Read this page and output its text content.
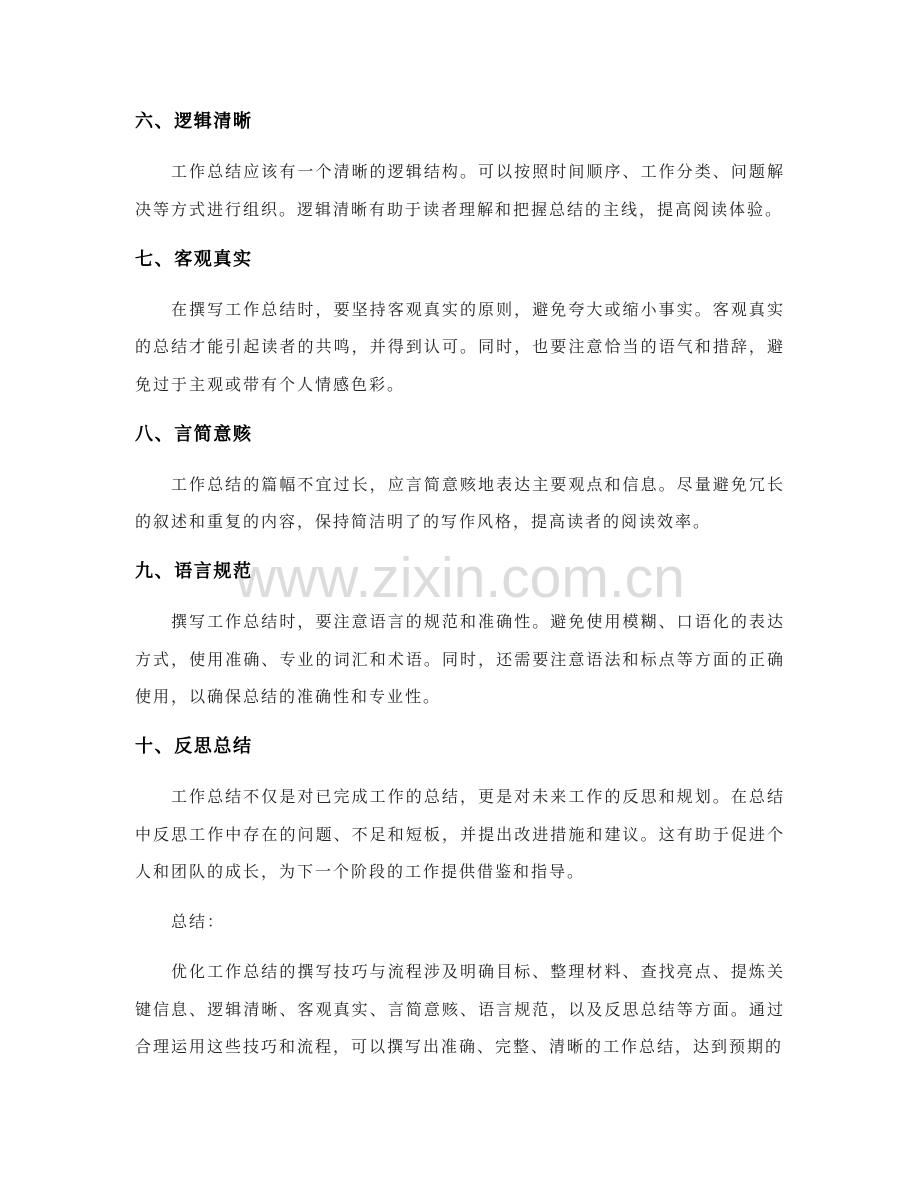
www.zixin.com.cn
六、逻辑清晰
工作总结应该有一个清晰的逻辑结构。可以按照时间顺序、工作分类、问题解决等方式进行组织。逻辑清晰有助于读者理解和把握总结的主线，提高阅读体验。
七、客观真实
在撰写工作总结时，要坚持客观真实的原则，避免夸大或缩小事实。客观真实的总结才能引起读者的共鸣，并得到认可。同时，也要注意恰当的语气和措辞，避免过于主观或带有个人情感色彩。
八、言简意赅
工作总结的篇幅不宜过长，应言简意赅地表达主要观点和信息。尽量避免冗长的叙述和重复的内容，保持简洁明了的写作风格，提高读者的阅读效率。
九、语言规范
撰写工作总结时，要注意语言的规范和准确性。避免使用模糊、口语化的表达方式，使用准确、专业的词汇和术语。同时，还需要注意语法和标点等方面的正确使用，以确保总结的准确性和专业性。
十、反思总结
工作总结不仅是对已完成工作的总结，更是对未来工作的反思和规划。在总结中反思工作中存在的问题、不足和短板，并提出改进措施和建议。这有助于促进个人和团队的成长，为下一个阶段的工作提供借鉴和指导。
总结：
优化工作总结的撰写技巧与流程涉及明确目标、整理材料、查找亮点、提炼关键信息、逻辑清晰、客观真实、言简意赅、语言规范，以及反思总结等方面。通过合理运用这些技巧和流程，可以撰写出准确、完整、清晰的工作总结，达到预期的
